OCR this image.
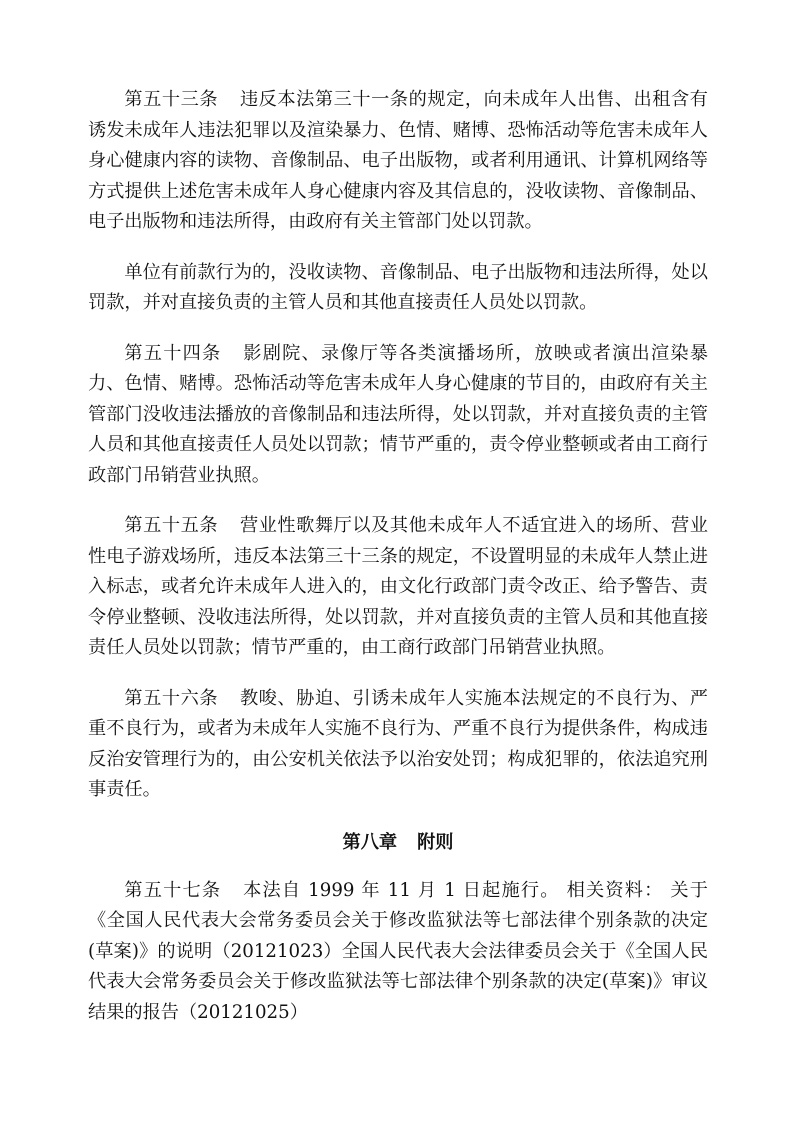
第五十三条 违反本法第三十一条的规定，向未成年人出售、出租含有诱发未成年人违法犯罪以及渲染暴力、色情、赌博、恐怖活动等危害未成年人身心健康内容的读物、音像制品、电子出版物，或者利用通讯、计算机网络等方式提供上述危害未成年人身心健康内容及其信息的，没收读物、音像制品、电子出版物和违法所得，由政府有关主管部门处以罚款。

单位有前款行为的，没收读物、音像制品、电子出版物和违法所得，处以罚款，并对直接负责的主管人员和其他直接责任人员处以罚款。

第五十四条 影剧院、录像厅等各类演播场所，放映或者演出渲染暴力、色情、赌博。恐怖活动等危害未成年人身心健康的节目的，由政府有关主管部门没收违法播放的音像制品和违法所得，处以罚款，并对直接负责的主管人员和其他直接责任人员处以罚款；情节严重的，责令停业整顿或者由工商行政部门吊销营业执照。

第五十五条 营业性歌舞厅以及其他未成年人不适宜进入的场所、营业性电子游戏场所，违反本法第三十三条的规定，不设置明显的未成年人禁止进入标志，或者允许未成年人进入的，由文化行政部门责令改正、给予警告、责令停业整顿、没收违法所得，处以罚款，并对直接负责的主管人员和其他直接责任人员处以罚款；情节严重的，由工商行政部门吊销营业执照。

第五十六条 教唆、胁迫、引诱未成年人实施本法规定的不良行为、严重不良行为，或者为未成年人实施不良行为、严重不良行为提供条件，构成违反治安管理行为的，由公安机关依法予以治安处罚；构成犯罪的，依法追究刑事责任。

第八章 附则

第五十七条 本法自 1999 年 11 月 1 日起施行。 相关资料： 关于《全国人民代表大会常务委员会关于修改监狱法等七部法律个别条款的决定(草案)》的说明（20121023）全国人民代表大会法律委员会关于《全国人民代表大会常务委员会关于修改监狱法等七部法律个别条款的决定(草案)》审议结果的报告（20121025）
